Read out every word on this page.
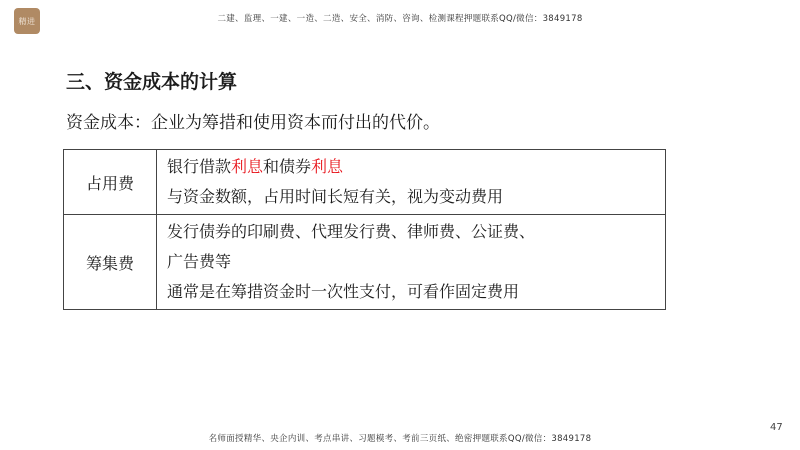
精进	二建、监理、一建、一造、二造、安全、消防、咨询、检测课程押题联系QQ/微信：3849178
三、资金成本的计算

资金成本：企业为筹措和使用资本而付出的代价。

占用费	银行借款利息和债券利息
与资金数额，占用时间长短有关，视为变动费用

筹集费	发行债券的印刷费、代理发行费、律师费、公证费、
广告费等
通常是在筹措资金时一次性支付，可看作固定费用
47
名师面授精华、央企内训、考点串讲、习题模考、考前三页纸、绝密押题联系QQ/微信：3849178
